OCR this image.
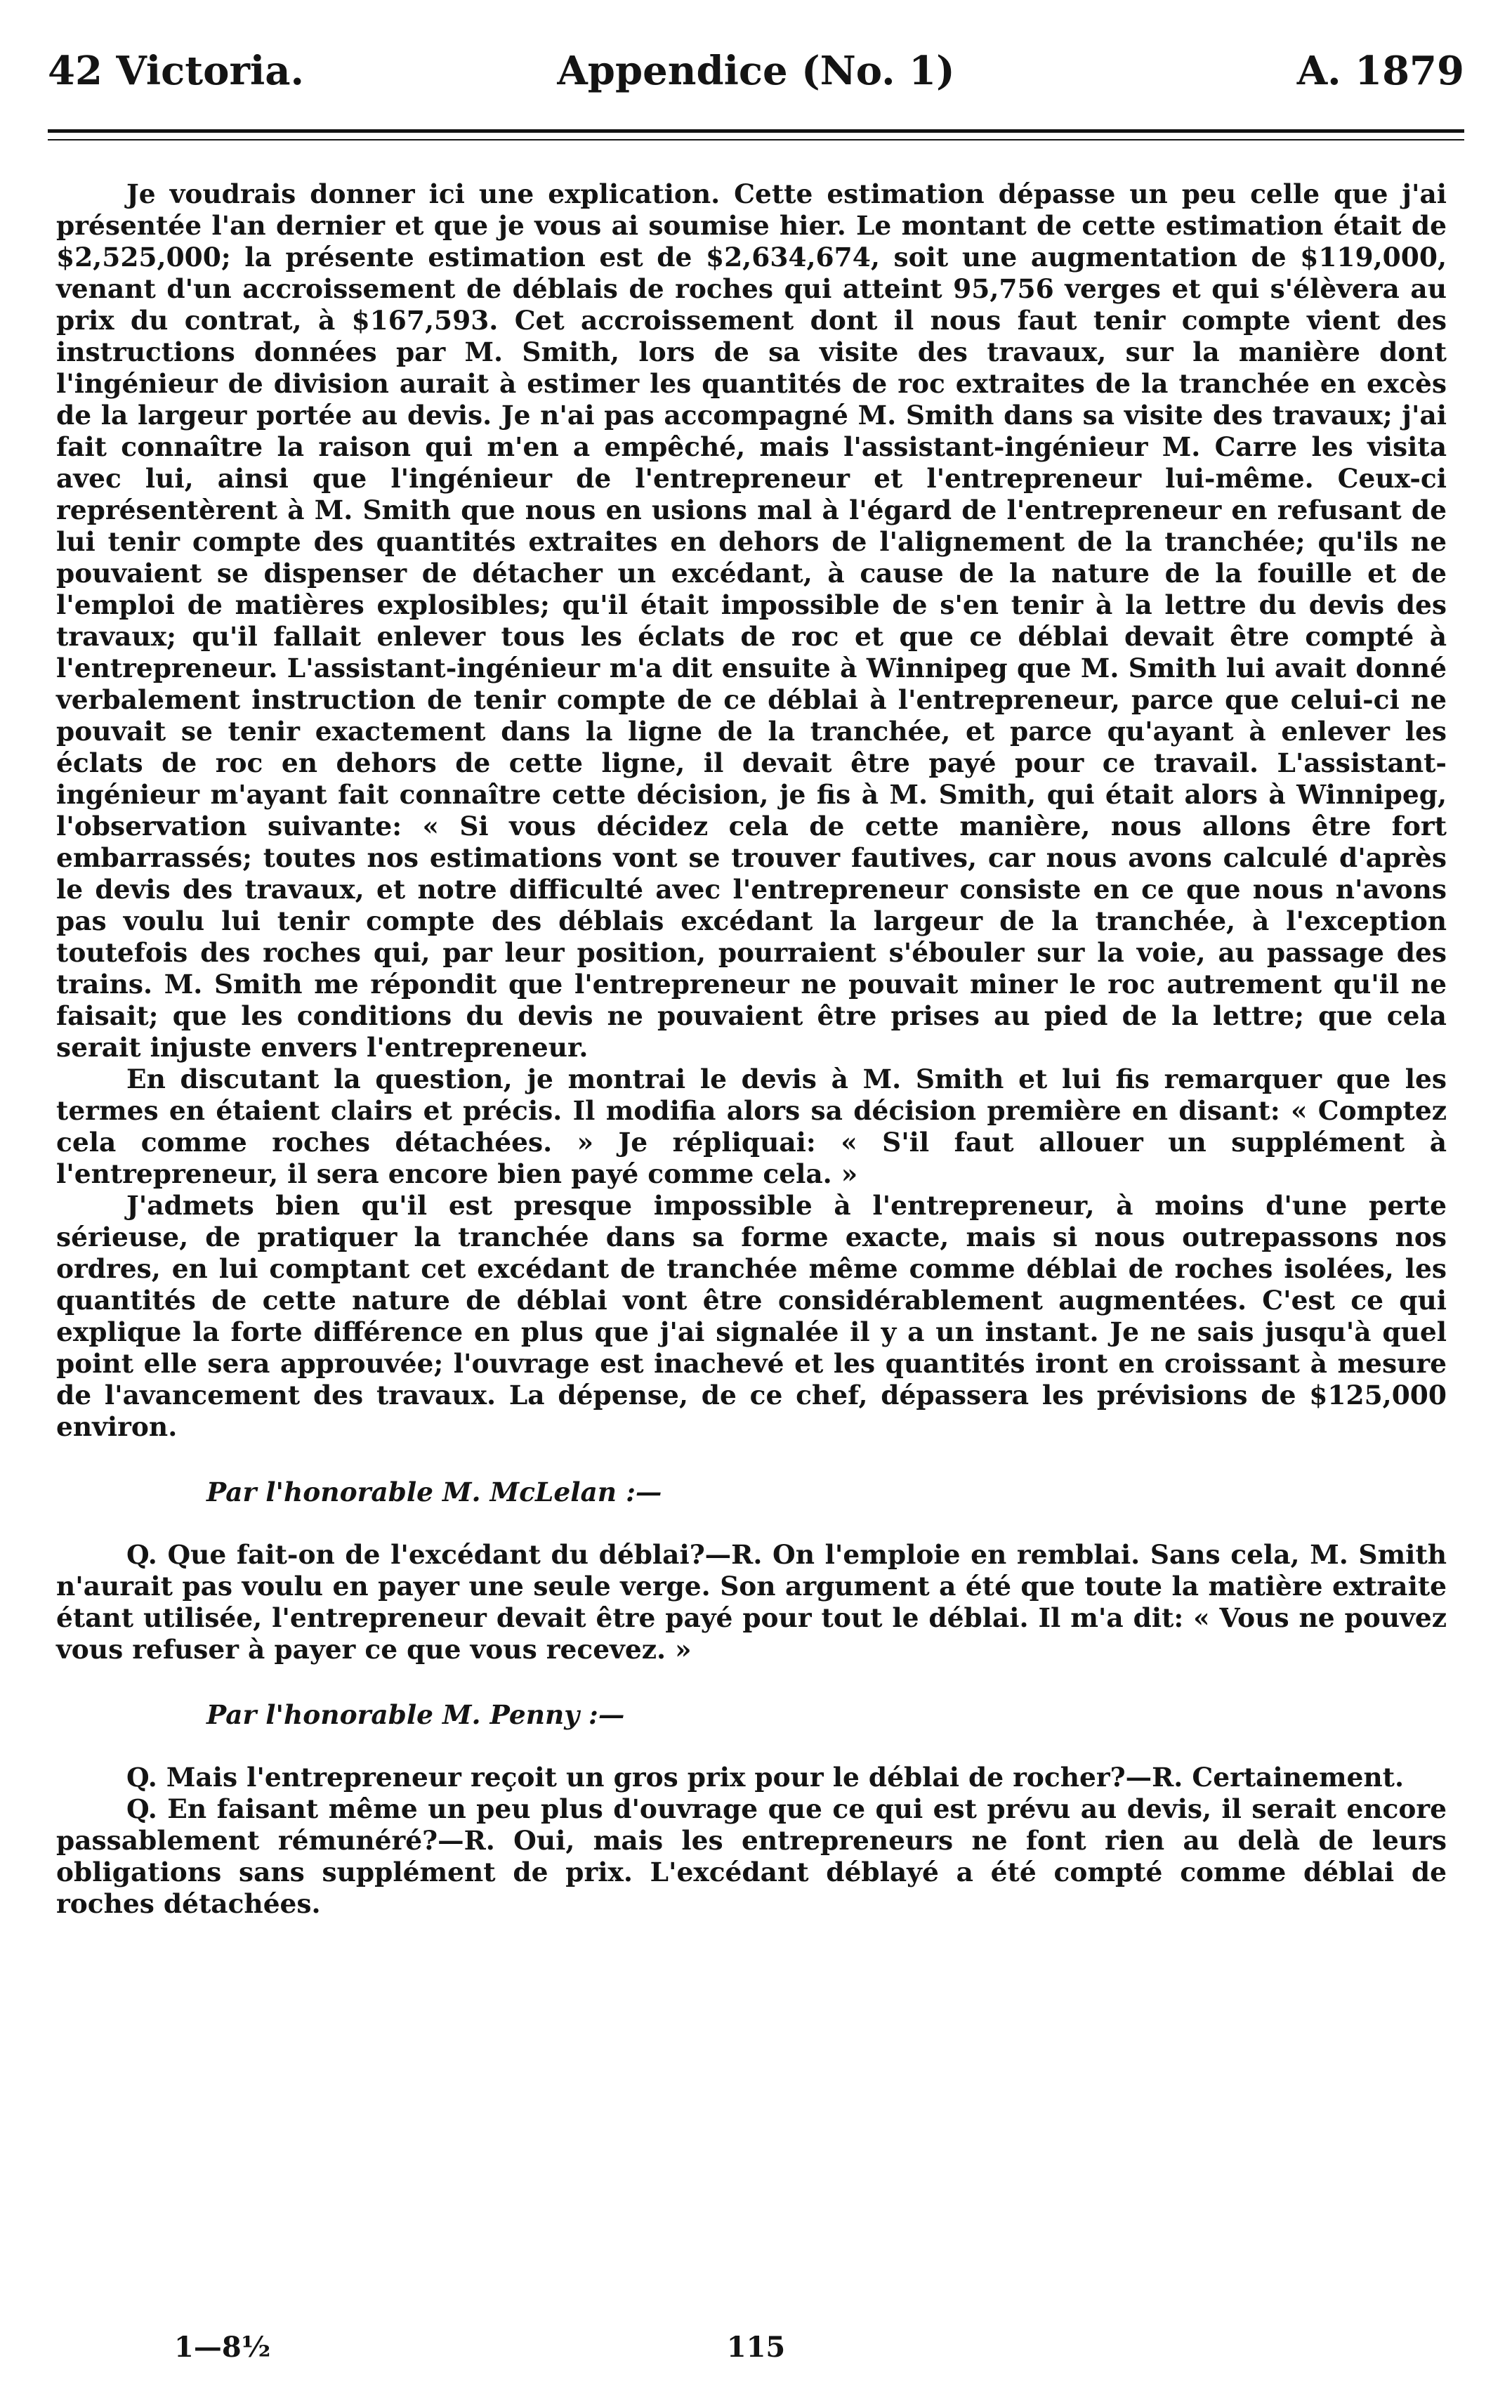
42 Victoria.	Appendice (No. 1)	A. 1879

Je voudrais donner ici une explication. Cette estimation dépasse un peu celle que j'ai présentée l'an dernier et que je vous ai soumise hier. Le montant de cette estimation était de $2,525,000; la présente estimation est de $2,634,674, soit une augmentation de $119,000, venant d'un accroissement de déblais de roches qui atteint 95,756 verges et qui s'élèvera au prix du contrat, à $167,593. Cet accroissement dont il nous faut tenir compte vient des instructions données par M. Smith, lors de sa visite des travaux, sur la manière dont l'ingénieur de division aurait à estimer les quantités de roc extraites de la tranchée en excès de la largeur portée au devis. Je n'ai pas accompagné M. Smith dans sa visite des travaux; j'ai fait connaître la raison qui m'en a empêché, mais l'assistant-ingénieur M. Carre les visita avec lui, ainsi que l'ingénieur de l'entrepreneur et l'entrepreneur lui-même. Ceux-ci représentèrent à M. Smith que nous en usions mal à l'égard de l'entrepreneur en refusant de lui tenir compte des quantités extraites en dehors de l'alignement de la tranchée; qu'ils ne pouvaient se dispenser de détacher un excédant, à cause de la nature de la fouille et de l'emploi de matières explosibles; qu'il était impossible de s'en tenir à la lettre du devis des travaux; qu'il fallait enlever tous les éclats de roc et que ce déblai devait être compté à l'entrepreneur. L'assistant-ingénieur m'a dit ensuite à Winnipeg que M. Smith lui avait donné verbalement instruction de tenir compte de ce déblai à l'entrepreneur, parce que celui-ci ne pouvait se tenir exactement dans la ligne de la tranchée, et parce qu'ayant à enlever les éclats de roc en dehors de cette ligne, il devait être payé pour ce travail. L'assistant-ingénieur m'ayant fait connaître cette décision, je fis à M. Smith, qui était alors à Winnipeg, l'observation suivante: « Si vous décidez cela de cette manière, nous allons être fort embarrassés; toutes nos estimations vont se trouver fautives, car nous avons calculé d'après le devis des travaux, et notre difficulté avec l'entrepreneur consiste en ce que nous n'avons pas voulu lui tenir compte des déblais excédant la largeur de la tranchée, à l'exception toutefois des roches qui, par leur position, pourraient s'ébouler sur la voie, au passage des trains. M. Smith me répondit que l'entrepreneur ne pouvait miner le roc autrement qu'il ne faisait; que les conditions du devis ne pouvaient être prises au pied de la lettre; que cela serait injuste envers l'entrepreneur.

En discutant la question, je montrai le devis à M. Smith et lui fis remarquer que les termes en étaient clairs et précis. Il modifia alors sa décision première en disant: « Comptez cela comme roches détachées. » Je répliquai: « S'il faut allouer un supplément à l'entrepreneur, il sera encore bien payé comme cela. »

J'admets bien qu'il est presque impossible à l'entrepreneur, à moins d'une perte sérieuse, de pratiquer la tranchée dans sa forme exacte, mais si nous outrepassons nos ordres, en lui comptant cet excédant de tranchée même comme déblai de roches isolées, les quantités de cette nature de déblai vont être considérablement augmentées. C'est ce qui explique la forte différence en plus que j'ai signalée il y a un instant. Je ne sais jusqu'à quel point elle sera approuvée; l'ouvrage est inachevé et les quantités iront en croissant à mesure de l'avancement des travaux. La dépense, de ce chef, dépassera les prévisions de $125,000 environ.

Par l'honorable M. McLelan :—

Q. Que fait-on de l'excédant du déblai?—R. On l'emploie en remblai. Sans cela, M. Smith n'aurait pas voulu en payer une seule verge. Son argument a été que toute la matière extraite étant utilisée, l'entrepreneur devait être payé pour tout le déblai. Il m'a dit: « Vous ne pouvez vous refuser à payer ce que vous recevez. »

Par l'honorable M. Penny :—

Q. Mais l'entrepreneur reçoit un gros prix pour le déblai de rocher?—R. Certainement.

Q. En faisant même un peu plus d'ouvrage que ce qui est prévu au devis, il serait encore passablement rémunéré?—R. Oui, mais les entrepreneurs ne font rien au delà de leurs obligations sans supplément de prix. L'excédant déblayé a été compté comme déblai de roches détachées.

1—8½	115
